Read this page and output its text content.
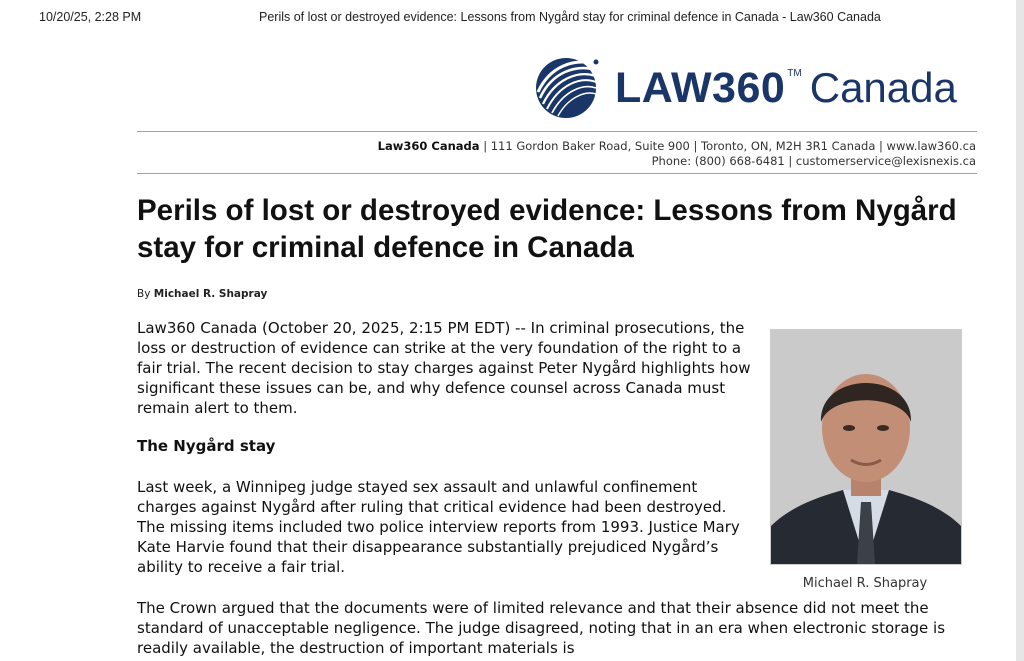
10/20/25, 2:28 PM	Perils of lost or destroyed evidence: Lessons from Nygård stay for criminal defence in Canada - Law360 Canada
LAW360 ™ Canada
Law360 Canada | 111 Gordon Baker Road, Suite 900 | Toronto, ON, M2H 3R1 Canada | www.law360.ca
Phone: (800) 668-6481 | customerservice@lexisnexis.ca
Perils of lost or destroyed evidence: Lessons from Nygård stay for criminal defence in Canada
By Michael R. Shapray

Law360 Canada (October 20, 2025, 2:15 PM EDT) -- In criminal prosecutions, the loss or destruction of evidence can strike at the very foundation of the right to a fair trial. The recent decision to stay charges against Peter Nygård highlights how significant these issues can be, and why defence counsel across Canada must remain alert to them.

The Nygård stay

Last week, a Winnipeg judge stayed sex assault and unlawful confinement charges against Nygård after ruling that critical evidence had been destroyed. The missing items included two police interview reports from 1993. Justice Mary Kate Harvie found that their disappearance substantially prejudiced Nygård’s ability to receive a fair trial.

Michael R. Shapray

The Crown argued that the documents were of limited relevance and that their absence did not meet the standard of unacceptable negligence. The judge disagreed, noting that in an era when electronic storage is readily available, the destruction of important materials is
